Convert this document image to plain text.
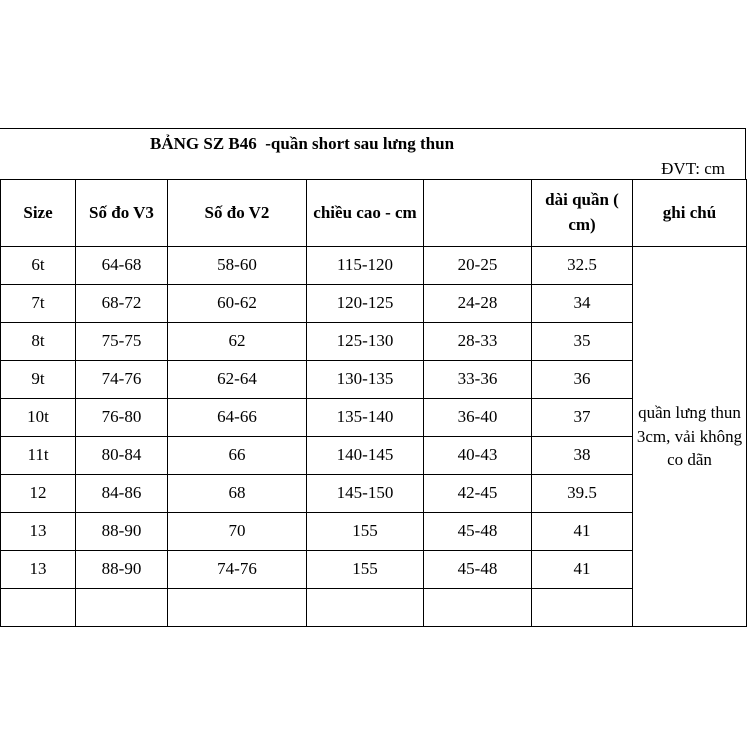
BẢNG SZ B46  -quần short sau lưng thun
ĐVT: cm
Size	Số đo V3	Số đo V2	chiều cao - cm		dài quần ( cm)	ghi chú
6t	64-68	58-60	115-120	20-25	32.5	quần lưng thun 3cm, vải không co dãn
7t	68-72	60-62	120-125	24-28	34	
8t	75-75	62	125-130	28-33	35	
9t	74-76	62-64	130-135	33-36	36	
10t	76-80	64-66	135-140	36-40	37	
11t	80-84	66	140-145	40-43	38	
12	84-86	68	145-150	42-45	39.5	
13	88-90	70	155	45-48	41	
13	88-90	74-76	155	45-48	41	
